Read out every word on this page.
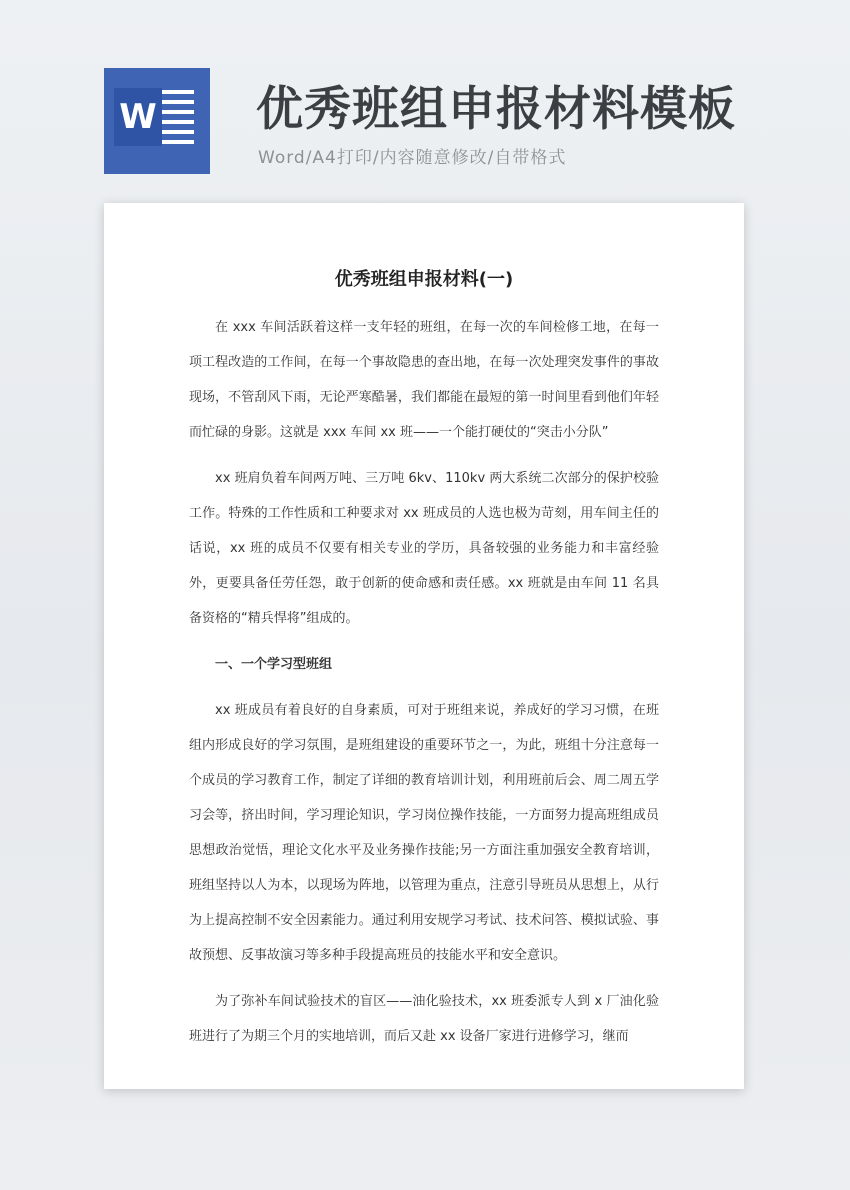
W 优秀班组申报材料模板
Word/A4打印/内容随意修改/自带格式
优秀班组申报材料(一)

在 xxx 车间活跃着这样一支年轻的班组，在每一次的车间检修工地，在每一项工程改造的工作间，在每一个事故隐患的查出地，在每一次处理突发事件的事故现场，不管刮风下雨，无论严寒酷暑，我们都能在最短的第一时间里看到他们年轻而忙碌的身影。这就是 xxx 车间 xx 班——一个能打硬仗的“突击小分队”

xx 班肩负着车间两万吨、三万吨 6kv、110kv 两大系统二次部分的保护校验工作。特殊的工作性质和工种要求对 xx 班成员的人选也极为苛刻，用车间主任的话说，xx 班的成员不仅要有相关专业的学历，具备较强的业务能力和丰富经验外，更要具备任劳任怨，敢于创新的使命感和责任感。xx 班就是由车间 11 名具备资格的“精兵悍将”组成的。

一、一个学习型班组

xx 班成员有着良好的自身素质，可对于班组来说，养成好的学习习惯，在班组内形成良好的学习氛围，是班组建设的重要环节之一，为此，班组十分注意每一个成员的学习教育工作，制定了详细的教育培训计划，利用班前后会、周二周五学习会等，挤出时间，学习理论知识，学习岗位操作技能，一方面努力提高班组成员思想政治觉悟，理论文化水平及业务操作技能;另一方面注重加强安全教育培训，班组坚持以人为本，以现场为阵地，以管理为重点，注意引导班员从思想上，从行为上提高控制不安全因素能力。通过利用安规学习考试、技术问答、模拟试验、事故预想、反事故演习等多种手段提高班员的技能水平和安全意识。

为了弥补车间试验技术的盲区——油化验技术，xx 班委派专人到 x 厂油化验班进行了为期三个月的实地培训，而后又赴 xx 设备厂家进行进修学习，继而
